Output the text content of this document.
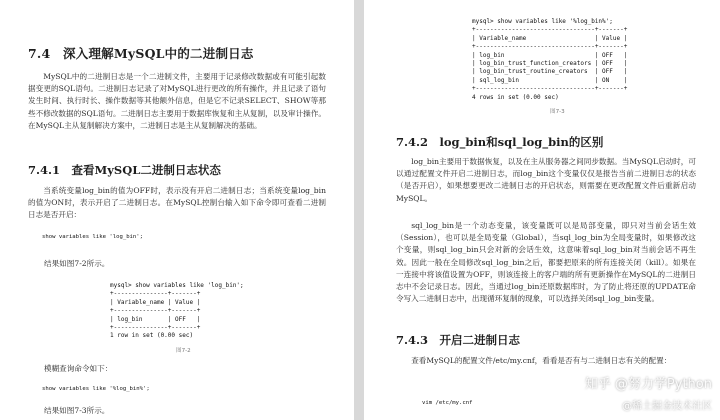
7.4　深入理解MySQL中的二进制日志
MySQL中的二进制日志是一个二进制文件，主要用于记录修改数据或有可能引起数据变更的SQL语句。二进制日志记录了对MySQL进行更改的所有操作，并且记录了语句发生时间、执行时长、操作数据等其他额外信息，但是它不记录SELECT、SHOW等那些不修改数据的SQL语句。二进制日志主要用于数据库恢复和主从复制，以及审计操作。在MySQL主从复制解决方案中，二进制日志是主从复制解决的基础。
7.4.1　查看MySQL二进制日志状态
当系统变量log_bin的值为OFF时，表示没有开启二进制日志；当系统变量log_bin的值为ON时，表示开启了二进制日志。在MySQL控制台输入如下命令即可查看二进制日志是否开启：
show variables like 'log_bin';
结果如图7-2所示。
mysql> show variables like 'log_bin';
+---------------+-------+
| Variable_name | Value |
+---------------+-------+
| log_bin       | OFF   |
+---------------+-------+
1 row in set (0.00 sec)
图7-2
模糊查询命令如下：
show variables like '%log_bin%';
结果如图7-3所示。
mysql> show variables like '%log_bin%';
+---------------------------------+-------+
| Variable_name                   | Value |
+---------------------------------+-------+
| log_bin                         | OFF   |
| log_bin_trust_function_creators | OFF   |
| log_bin_trust_routine_creators  | OFF   |
| sql_log_bin                     | ON    |
+---------------------------------+-------+
4 rows in set (0.00 sec)
图7-3
7.4.2　log_bin和sql_log_bin的区别
log_bin主要用于数据恢复，以及在主从服务器之间同步数据。当MySQL启动时，可以通过配置文件开启二进制日志，而log_bin这个变量仅仅是报告当前二进制日志的状态（是否开启），如果想要更改二进制日志的开启状态，则需要在更改配置文件后重新启动MySQL。
sql_log_bin是一个动态变量，该变量既可以是局部变量，即只对当前会话生效（Session），也可以是全局变量（Global），当sql_log_bin为全局变量时，如果修改这个变量，则sql_log_bin只会对新的会话生效，这意味着sql_log_bin对当前会话不再生效。因此一般在全局修改sql_log_bin之后，都要把原来的所有连接关闭（kill）。如果在一连接中将该值设置为OFF，则该连接上的客户端的所有更新操作在MySQL的二进制日志中不会记录日志。因此，当通过log_bin还原数据库时，为了防止将还原的UPDATE命令写入二进制日志中，出现循环复制的现象，可以选择关闭sql_log_bin变量。
7.4.3　开启二进制日志
查看MySQL的配置文件/etc/my.cnf，看看是否有与二进制日志有关的配置：
vim /etc/my.cnf
知乎 @努力学Python
@稀土掘金技术社区
